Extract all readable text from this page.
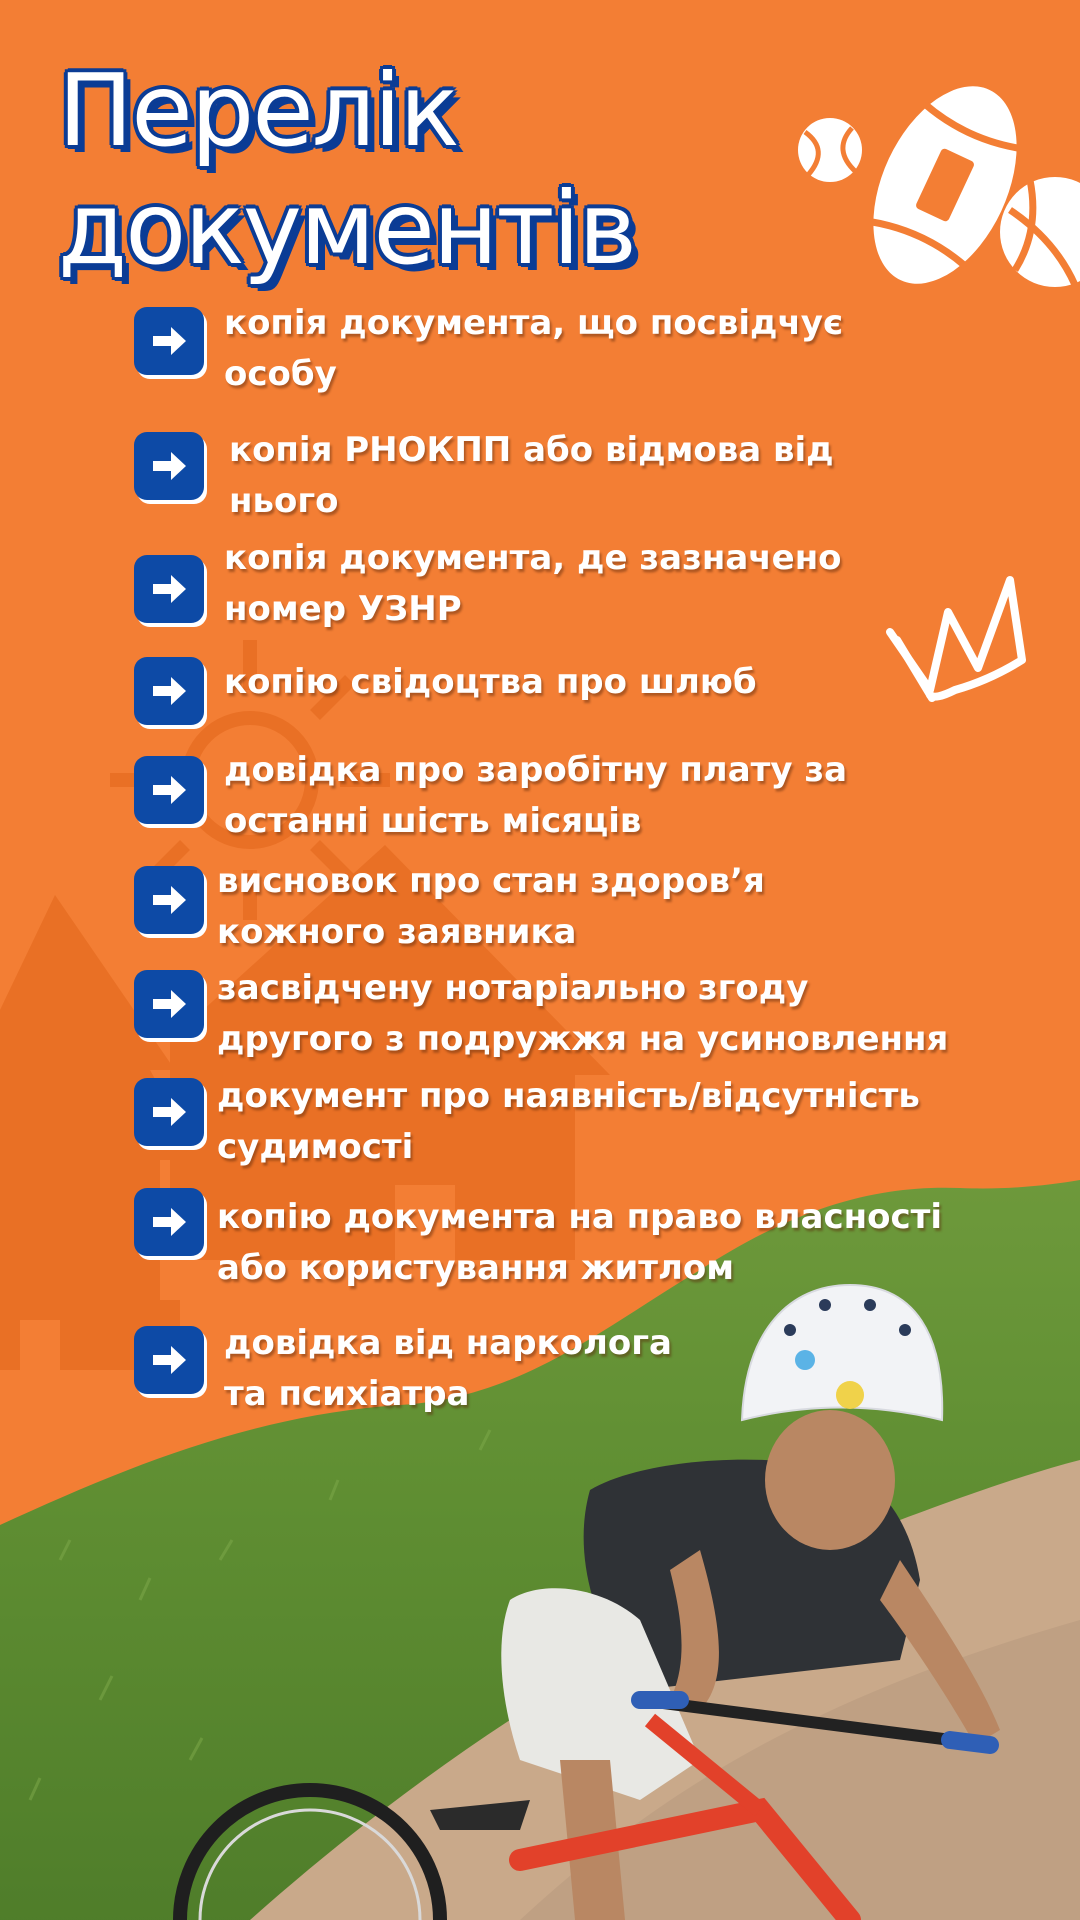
Перелік
документів
копія документа, що посвідчує
особу
копія РНОКПП або відмова від
нього
копія документа, де зазначено
номер УЗНР
копію свідоцтва про шлюб
довідка про заробітну плату за
останні шість місяців
висновок про стан здоров’я
кожного заявника
засвідчену нотаріально згоду
другого з подружжя на усиновлення
документ про наявність/відсутність
судимості
копію документа на право власності
або користування житлом
довідка від нарколога
та психіатра
